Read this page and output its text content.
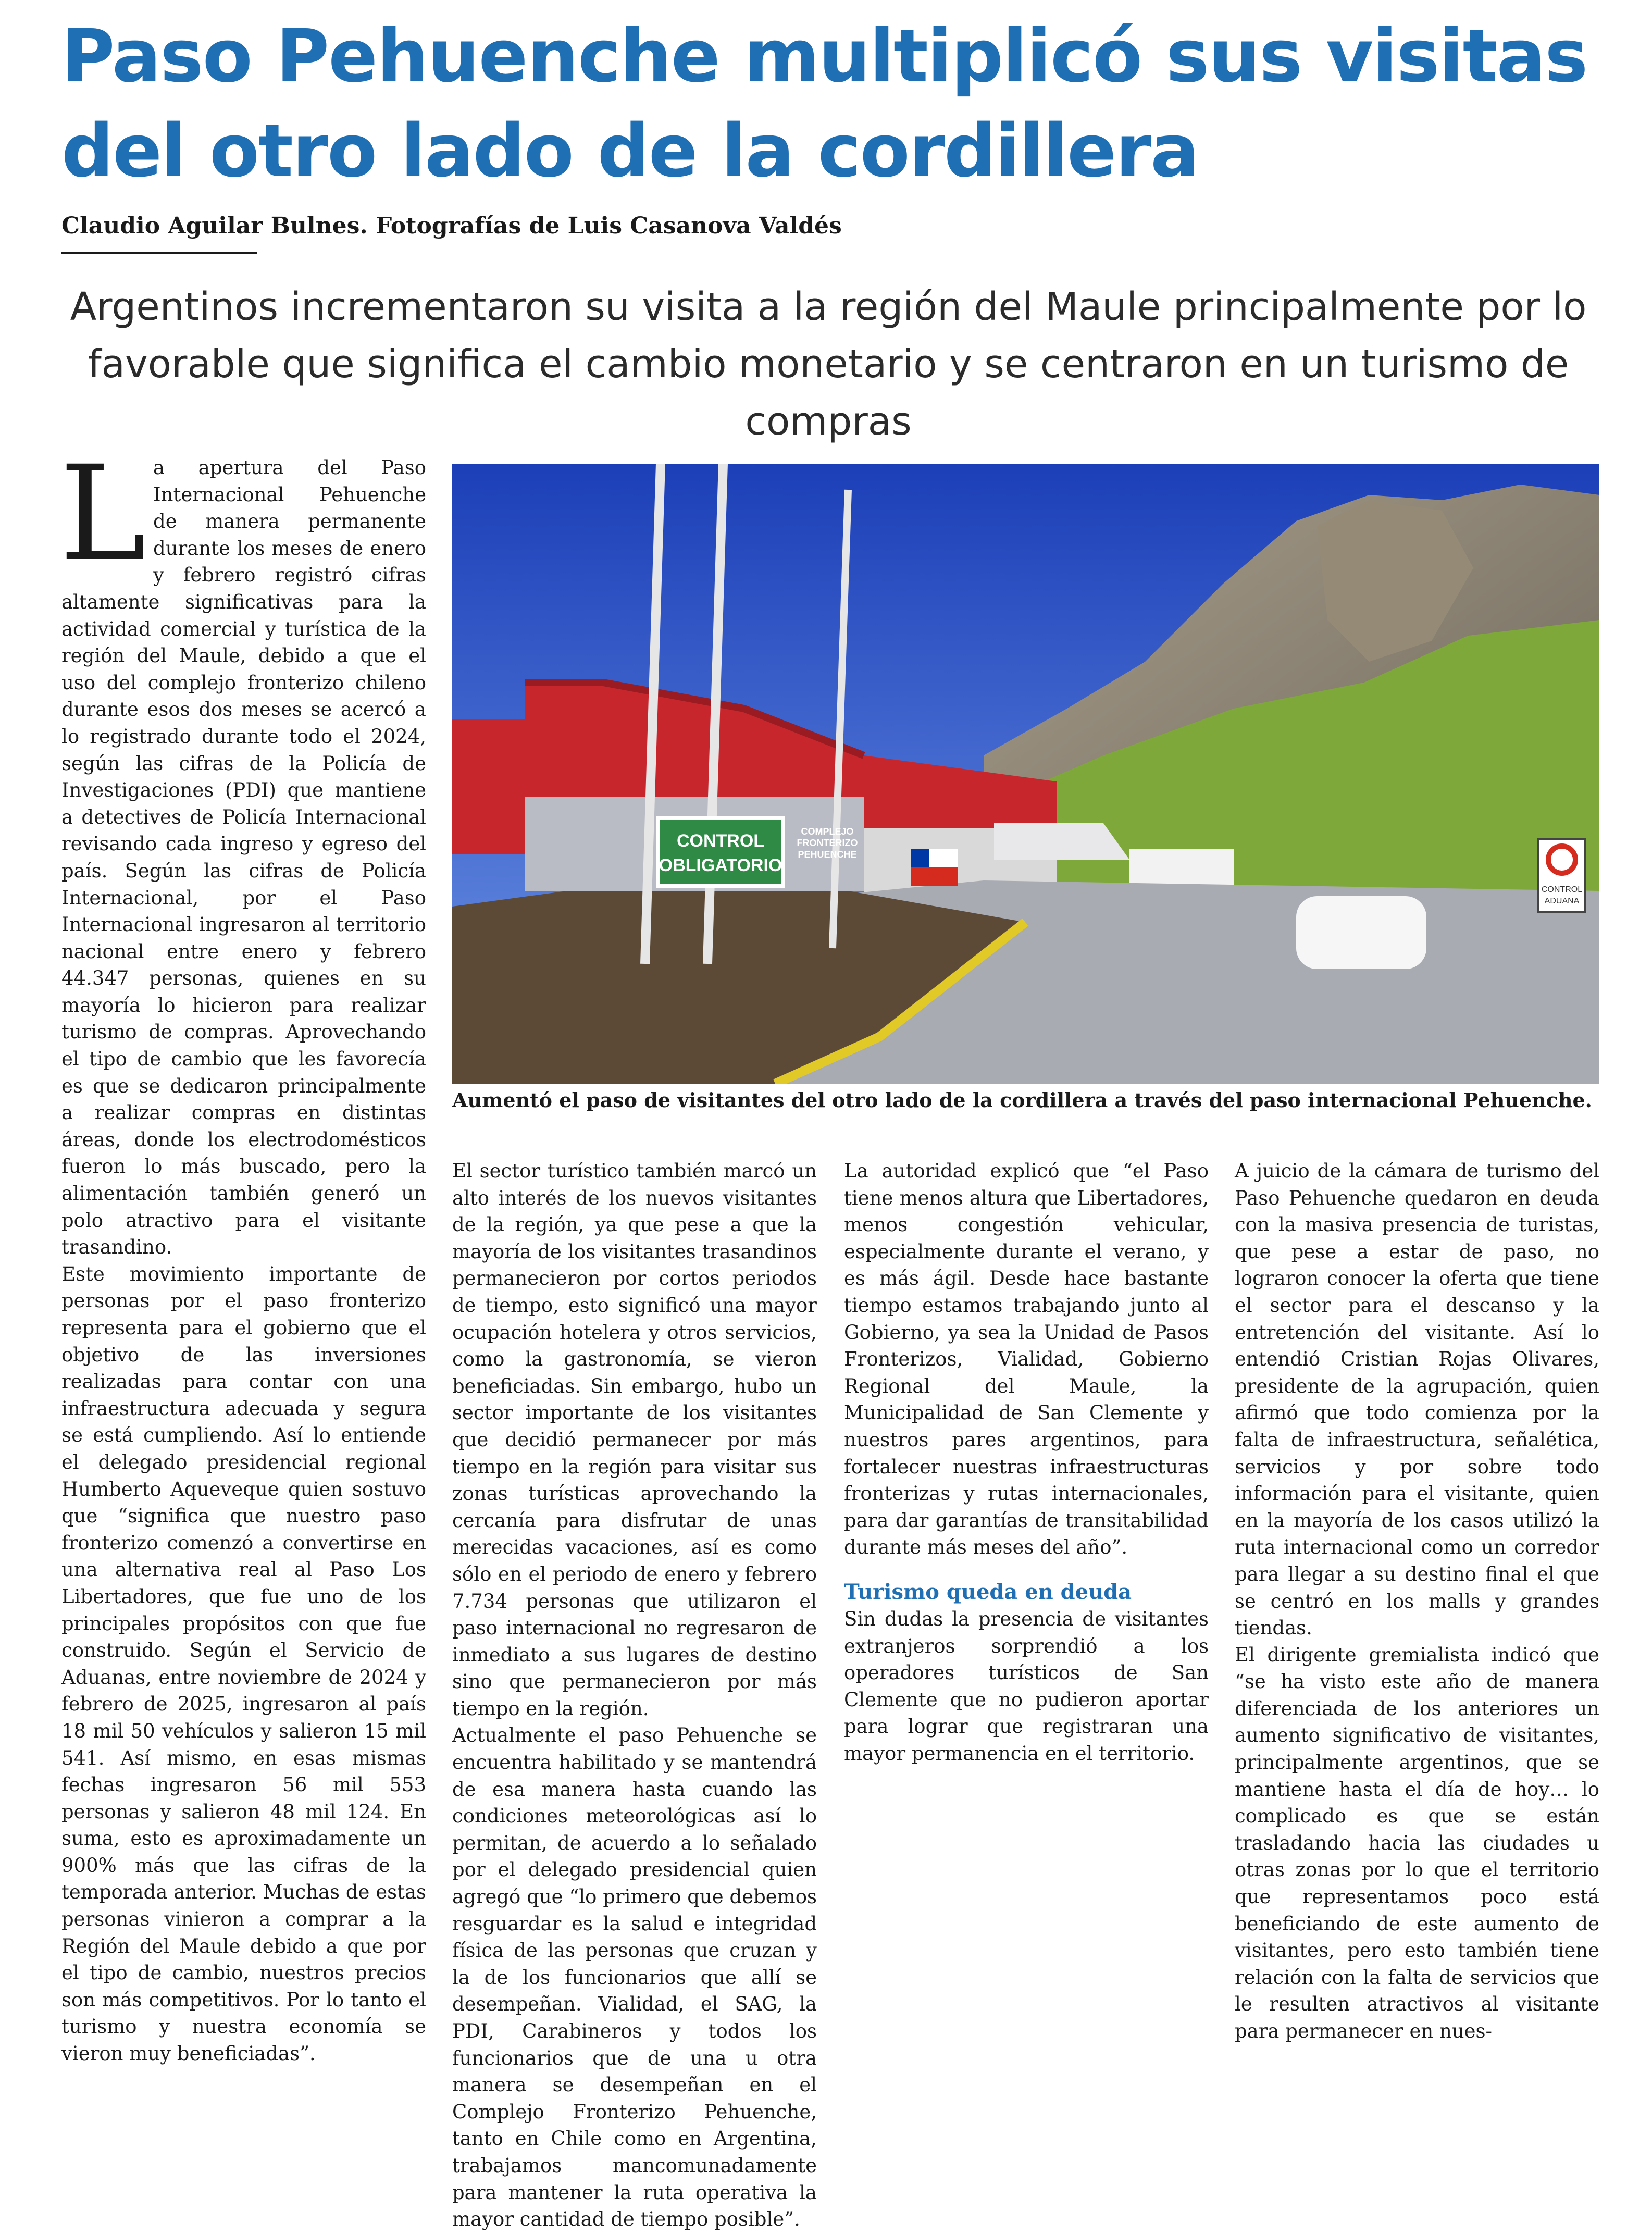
Paso Pehuenche multiplicó sus visitas del otro lado de la cordillera
Claudio Aguilar Bulnes. Fotografías de Luis Casanova Valdés
Argentinos incrementaron su visita a la región del Maule principalmente por lo favorable que significa el cambio monetario y se centraron en un turismo de compras

La apertura del Paso Internacional Pehuenche de manera permanente durante los meses de enero y febrero registró cifras altamente significativas para la actividad comercial y turística de la región del Maule, debido a que el uso del complejo fronterizo chileno durante esos dos meses se acercó a lo registrado durante todo el 2024, según las cifras de la Policía de Investigaciones (PDI) que mantiene a detectives de Policía Internacional revisando cada ingreso y egreso del país. Según las cifras de Policía Internacional, por el Paso Internacional ingresaron al territorio nacional entre enero y febrero 44.347 personas, quienes en su mayoría lo hicieron para realizar turismo de compras. Aprovechando el tipo de cambio que les favorecía es que se dedicaron principalmente a realizar compras en distintas áreas, donde los electrodomésticos fueron lo más buscado, pero la alimentación también generó un polo atractivo para el visitante trasandino.

Este movimiento importante de personas por el paso fronterizo representa para el gobierno que el objetivo de las inversiones realizadas para contar con una infraestructura adecuada y segura se está cumpliendo. Así lo entiende el delegado presidencial regional Humberto Aqueveque quien sostuvo que “significa que nuestro paso fronterizo comenzó a convertirse en una alternativa real al Paso Los Libertadores, que fue uno de los principales propósitos con que fue construido. Según el Servicio de Aduanas, entre noviembre de 2024 y febrero de 2025, ingresaron al país 18 mil 50 vehículos y salieron 15 mil 541. Así mismo, en esas mismas fechas ingresaron 56 mil 553 personas y salieron 48 mil 124. En suma, esto es aproximadamente un 900% más que las cifras de la temporada anterior. Muchas de estas personas vinieron a comprar a la Región del Maule debido a que por el tipo de cambio, nuestros precios son más competitivos. Por lo tanto el turismo y nuestra economía se vieron muy beneficiadas”.

El sector turístico también marcó un alto interés de los nuevos visitantes de la región, ya que pese a que la mayoría de los visitantes trasandinos permanecieron por cortos periodos de tiempo, esto significó una mayor ocupación hotelera y otros servicios, como la gastronomía, se vieron beneficiadas. Sin embargo, hubo un sector importante de los visitantes que decidió permanecer por más tiempo en la región para visitar sus zonas turísticas aprovechando la cercanía para disfrutar de unas merecidas vacaciones, así es como sólo en el periodo de enero y febrero 7.734 personas que utilizaron el paso internacional no regresaron de inmediato a sus lugares de destino sino que permanecieron por más tiempo en la región.

Actualmente el paso Pehuenche se encuentra habilitado y se mantendrá de esa manera hasta cuando las condiciones meteorológicas así lo permitan, de acuerdo a lo señalado por el delegado presidencial quien agregó que “lo primero que debemos resguardar es la salud e integridad física de las personas que cruzan y la de los funcionarios que allí se desempeñan. Vialidad, el SAG, la PDI, Carabineros y todos los funcionarios que de una u otra manera se desempeñan en el Complejo Fronterizo Pehuenche, tanto en Chile como en Argentina, trabajamos mancomunadamente para mantener la ruta operativa la mayor cantidad de tiempo posible”.

La autoridad explicó que “el Paso tiene menos altura que Libertadores, menos congestión vehicular, especialmente durante el verano, y es más ágil. Desde hace bastante tiempo estamos trabajando junto al Gobierno, ya sea la Unidad de Pasos Fronterizos, Vialidad, Gobierno Regional del Maule, la Municipalidad de San Clemente y nuestros pares argentinos, para fortalecer nuestras infraestructuras fronterizas y rutas internacionales, para dar garantías de transitabilidad durante más meses del año”.

Turismo queda en deuda

Sin dudas la presencia de visitantes extranjeros sorprendió a los operadores turísticos de San Clemente que no pudieron aportar para lograr que registraran una mayor permanencia en el territorio.

A juicio de la cámara de turismo del Paso Pehuenche quedaron en deuda con la masiva presencia de turistas, que pese a estar de paso, no lograron conocer la oferta que tiene el sector para el descanso y la entretención del visitante. Así lo entendió Cristian Rojas Olivares, presidente de la agrupación, quien afirmó que todo comienza por la falta de infraestructura, señalética, servicios y por sobre todo información para el visitante, quien en la mayoría de los casos utilizó la ruta internacional como un corredor para llegar a su destino final el que se centró en los malls y grandes tiendas.

El dirigente gremialista indicó que “se ha visto este año de manera diferenciada de los anteriores un aumento significativo de visitantes, principalmente argentinos, que se mantiene hasta el día de hoy… lo complicado es que se están trasladando hacia las ciudades u otras zonas por lo que el territorio que representamos poco está beneficiando de este aumento de visitantes, pero esto también tiene relación con la falta de servicios que le resulten atractivos al visitante para permanecer en nues-

CONTROL
OBLIGATORIO
COMPLEJO
FRONTERIZO
PEHUENCHE
CONTROL
ADUANA

Aumentó el paso de visitantes del otro lado de la cordillera a través del paso internacional Pehuenche.
